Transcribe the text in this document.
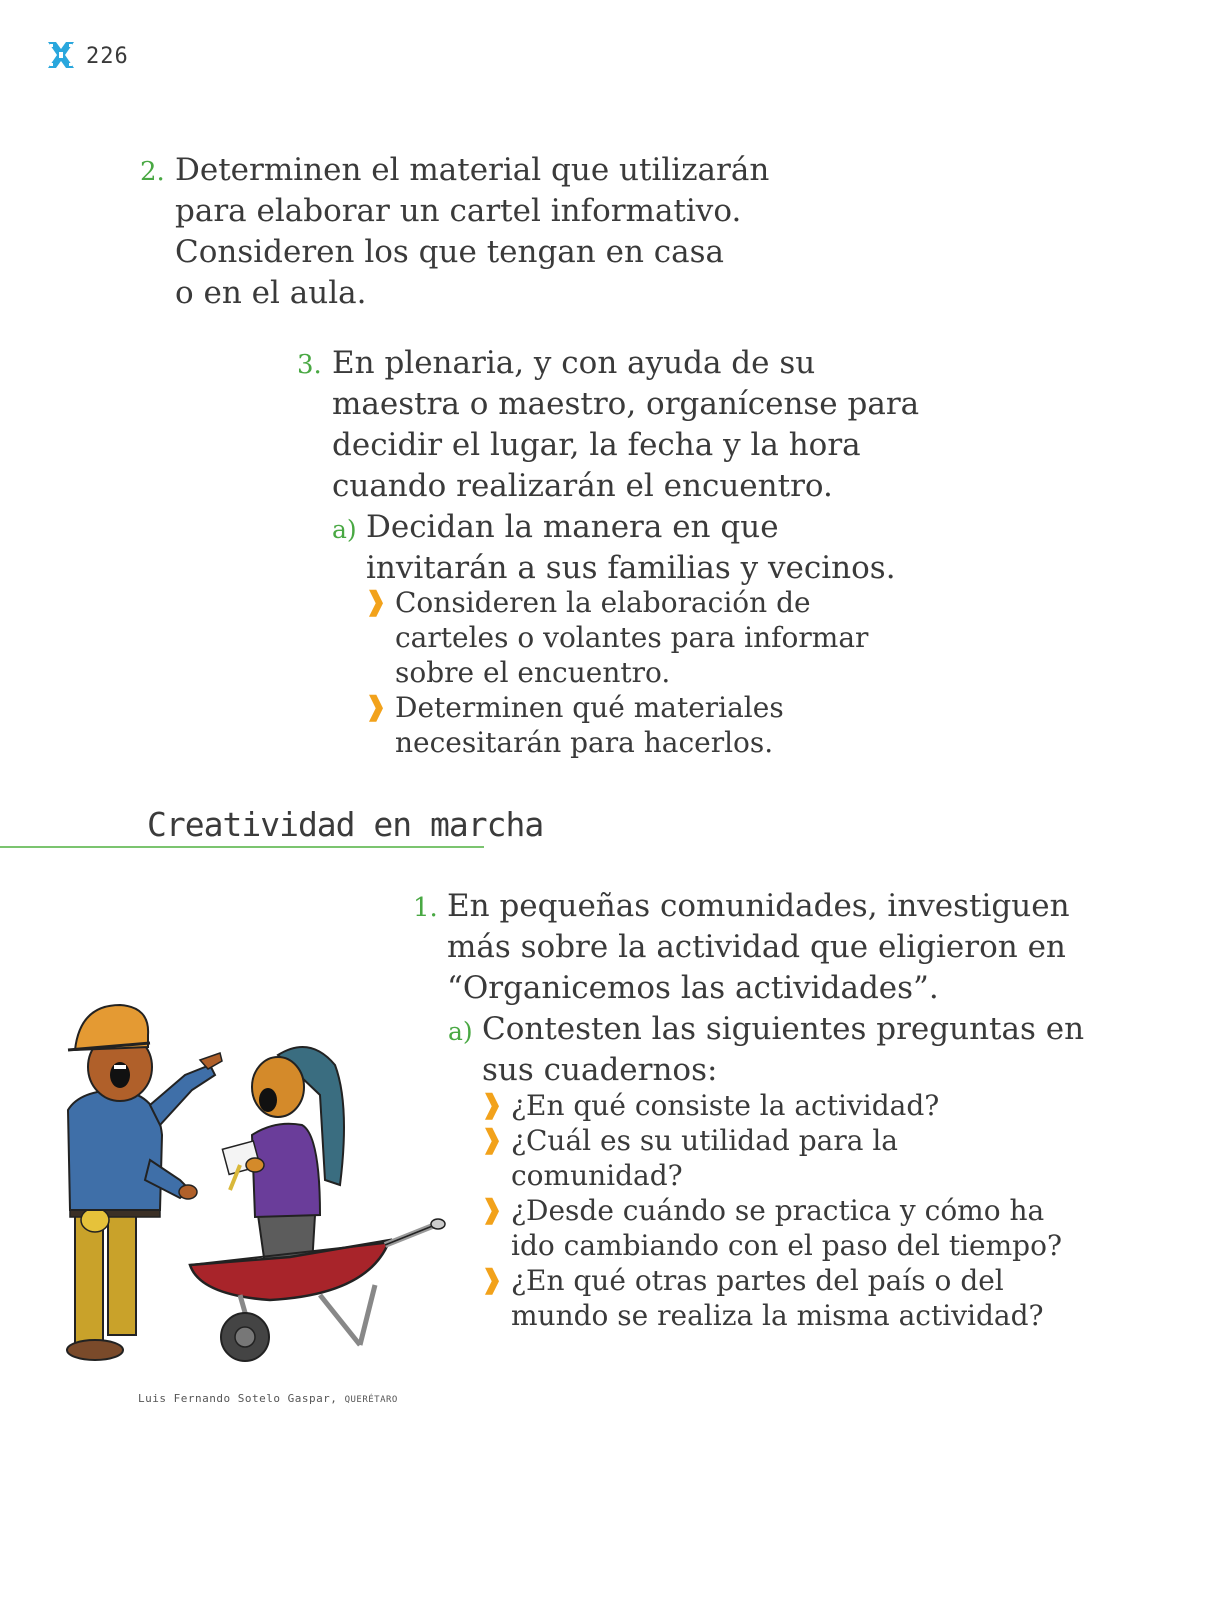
226
2. Determinen el material que utilizarán
para elaborar un cartel informativo.
Consideren los que tengan en casa
o en el aula.
3. En plenaria, y con ayuda de su
maestra o maestro, organícense para
decidir el lugar, la fecha y la hora
cuando realizarán el encuentro.
a) Decidan la manera en que
invitarán a sus familias y vecinos.
❱ Consideren la elaboración de
carteles o volantes para informar
sobre el encuentro.
❱ Determinen qué materiales
necesitarán para hacerlos.
Creatividad en marcha
1. En pequeñas comunidades, investiguen
más sobre la actividad que eligieron en
“Organicemos las actividades”.
a) Contesten las siguientes preguntas en
sus cuadernos:
❱ ¿En qué consiste la actividad?
❱ ¿Cuál es su utilidad para la
comunidad?
❱ ¿Desde cuándo se practica y cómo ha
ido cambiando con el paso del tiempo?
❱ ¿En qué otras partes del país o del
mundo se realiza la misma actividad?
Luis Fernando Sotelo Gaspar, QUERÉTARO
